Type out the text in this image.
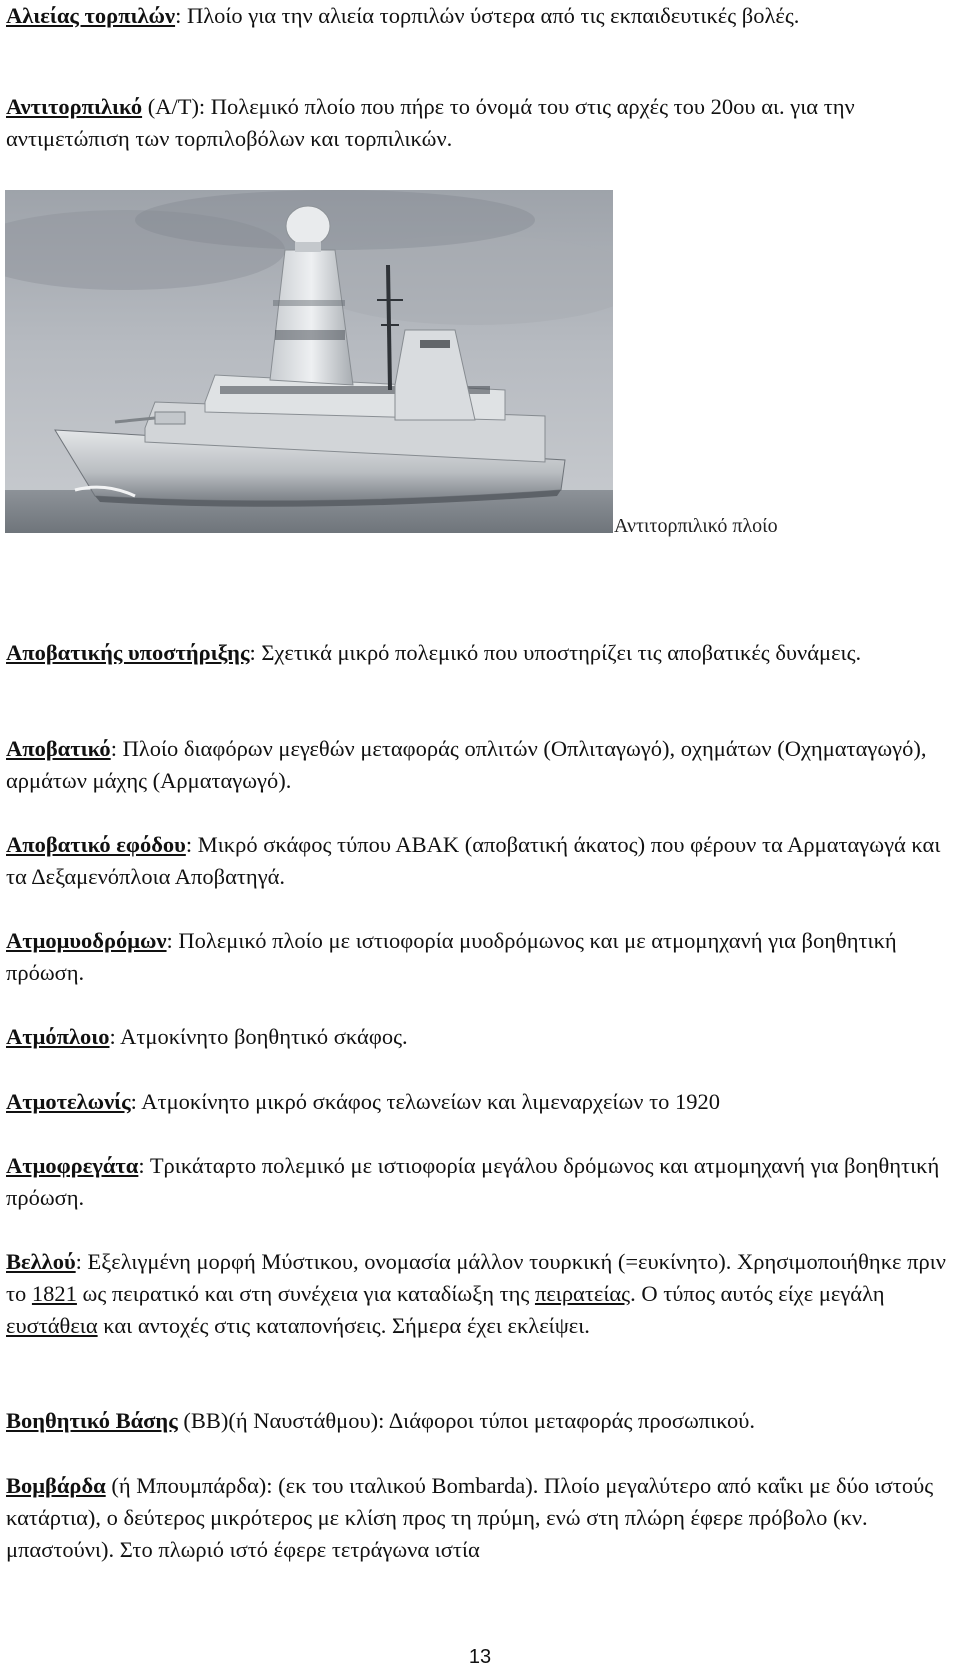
Αλιείας τορπιλών: Πλοίο για την αλιεία τορπιλών ύστερα από τις εκπαιδευτικές βολές.

Αντιτορπιλικό (Α/Τ): Πολεμικό πλοίο που πήρε το όνομά του στις αρχές του 20ου αι. για την αντιμετώπιση των τορπιλοβόλων και τορπιλικών.

Αντιτορπιλικό πλοίο

Αποβατικής υποστήριξης: Σχετικά μικρό πολεμικό που υποστηρίζει τις αποβατικές δυνάμεις.

Αποβατικό: Πλοίο διαφόρων μεγεθών μεταφοράς οπλιτών (Οπλιταγωγό), οχημάτων (Οχηματαγωγό), αρμάτων μάχης (Αρματαγωγό).

Αποβατικό εφόδου: Μικρό σκάφος τύπου ΑΒΑΚ (αποβατική άκατος) που φέρουν τα Αρματαγωγά και τα Δεξαμενόπλοια Αποβατηγά.

Ατμομυοδρόμων: Πολεμικό πλοίο με ιστιοφορία μυοδρόμωνος και με ατμομηχανή για βοηθητική πρόωση.

Ατμόπλοιο: Ατμοκίνητο βοηθητικό σκάφος.

Ατμοτελωνίς: Ατμοκίνητο μικρό σκάφος τελωνείων και λιμεναρχείων το 1920

Ατμοφρεγάτα: Τρικάταρτο πολεμικό με ιστιοφορία μεγάλου δρόμωνος και ατμομηχανή για βοηθητική πρόωση.

Βελλού: Εξελιγμένη μορφή Μύστικου, ονομασία μάλλον τουρκική (=ευκίνητο). Χρησιμοποιήθηκε πριν το 1821 ως πειρατικό και στη συνέχεια για καταδίωξη της πειρατείας. Ο τύπος αυτός είχε μεγάλη ευστάθεια και αντοχές στις καταπονήσεις. Σήμερα έχει εκλείψει.

Βοηθητικό Βάσης (ΒΒ)(ή Ναυστάθμου): Διάφοροι τύποι μεταφοράς προσωπικού.

Βομβάρδα (ή Μπουμπάρδα): (εκ του ιταλικού Bombarda). Πλοίο μεγαλύτερο από καΐκι με δύο ιστούς κατάρτια), ο δεύτερος μικρότερος με κλίση προς τη πρύμη, ενώ στη πλώρη έφερε πρόβολο (κν. μπαστούνι). Στο πλωριό ιστό έφερε τετράγωνα ιστία

13
